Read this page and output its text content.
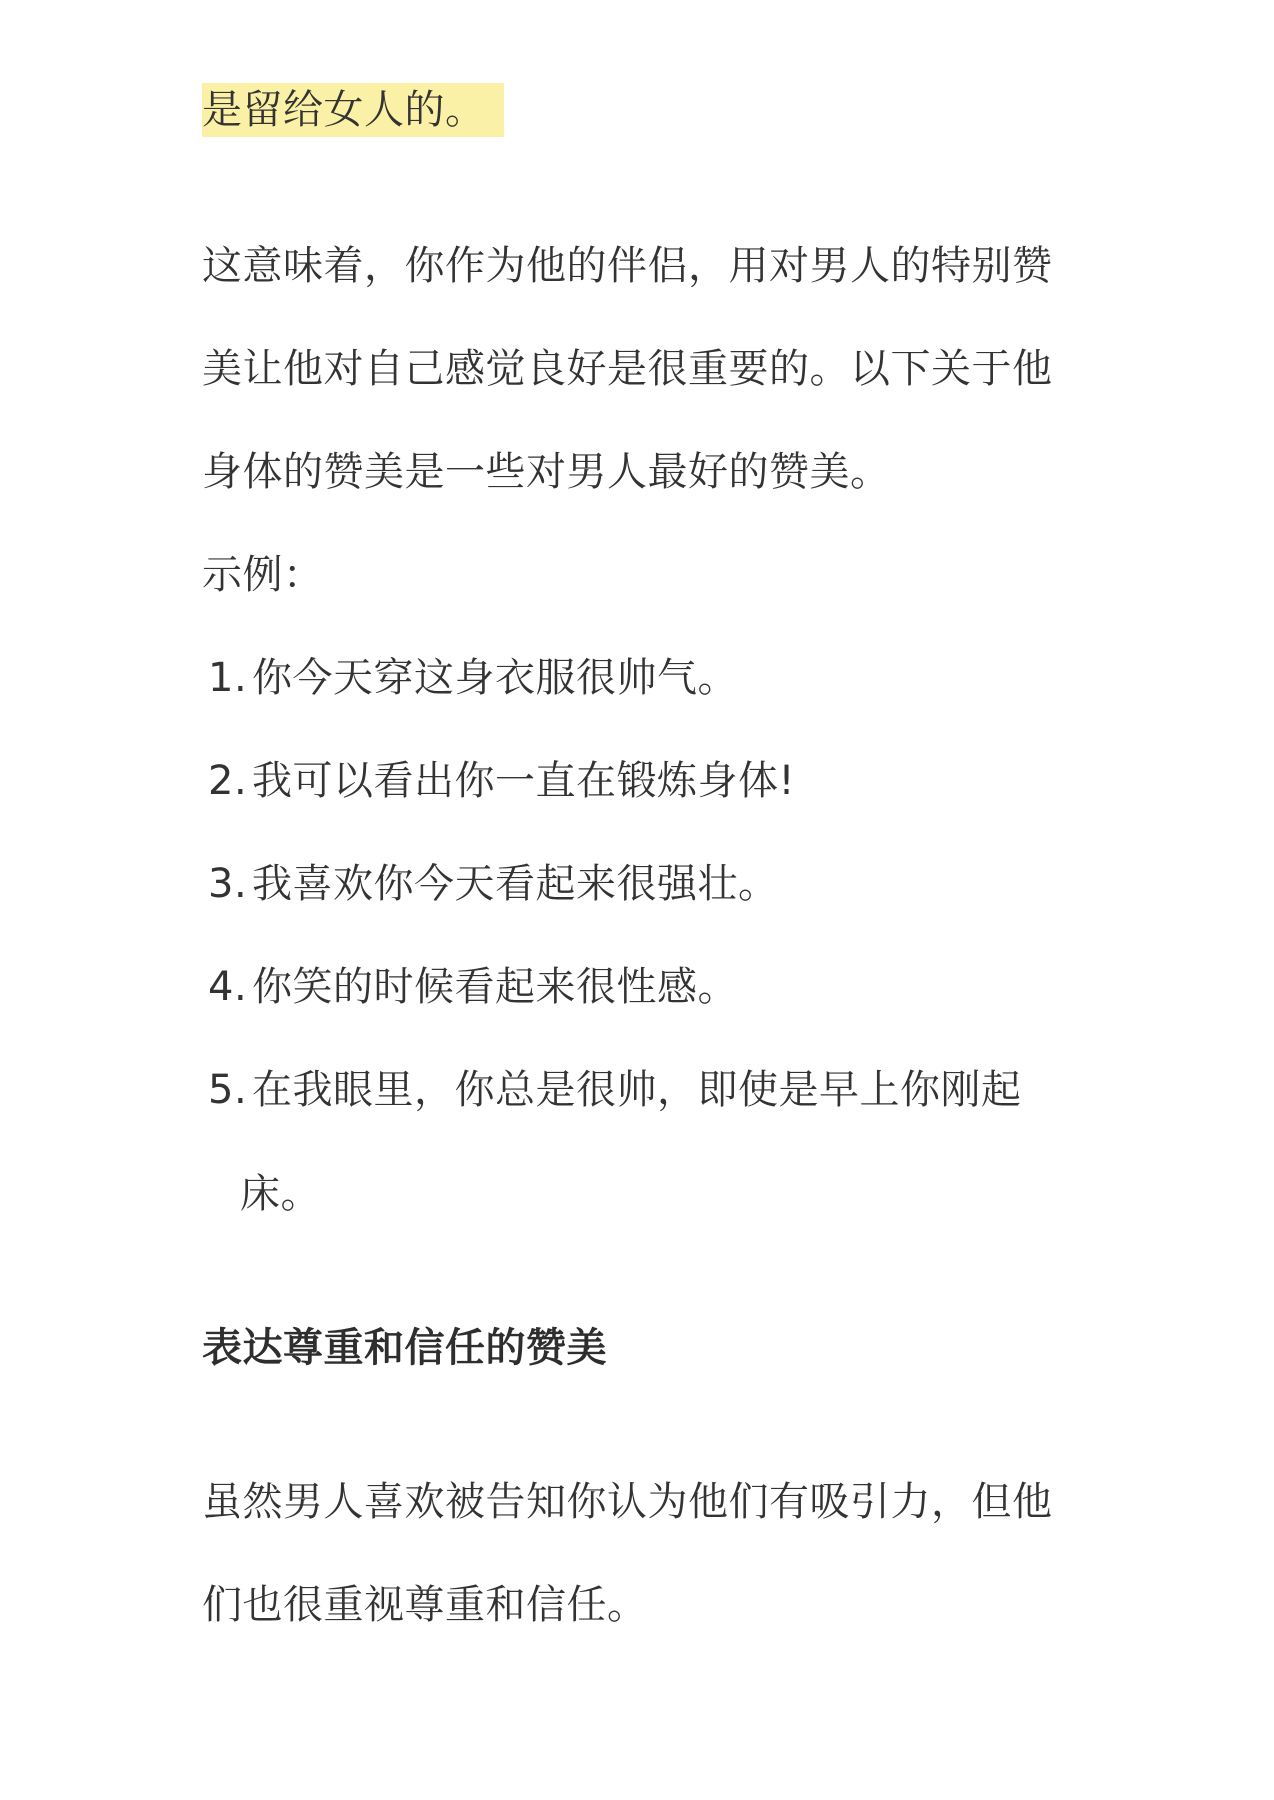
是留给女人的。
这意味着，你作为他的伴侣，用对男人的特别赞
美让他对自己感觉良好是很重要的。以下关于他
身体的赞美是一些对男人最好的赞美。
示例：
1. 你今天穿这身衣服很帅气。
2. 我可以看出你一直在锻炼身体!
3. 我喜欢你今天看起来很强壮。
4. 你笑的时候看起来很性感。
5. 在我眼里，你总是很帅，即使是早上你刚起
床。
表达尊重和信任的赞美
虽然男人喜欢被告知你认为他们有吸引力，但他
们也很重视尊重和信任。
